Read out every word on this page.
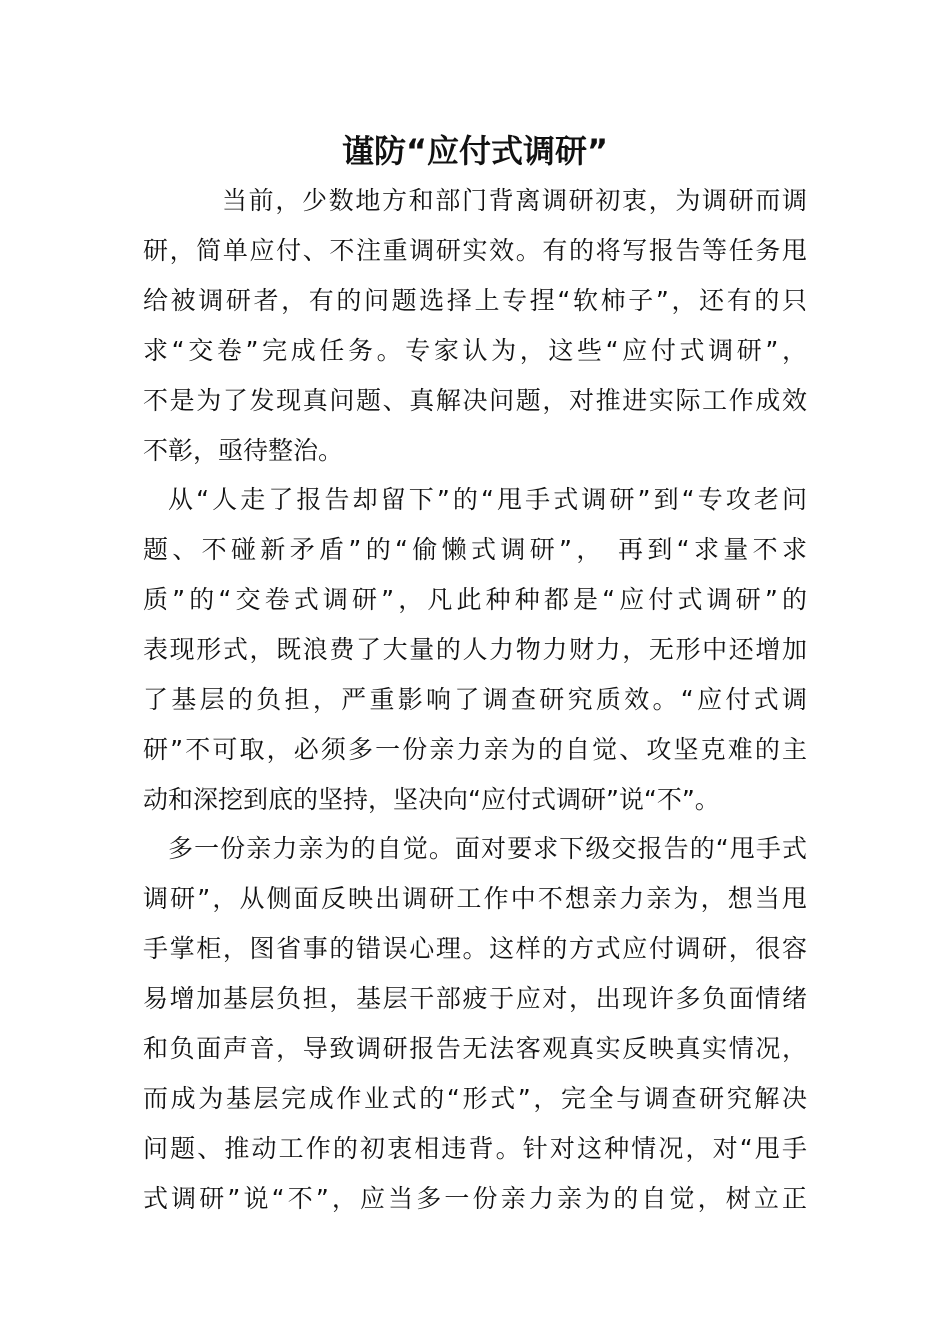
谨防“应付式调研”
当前，少数地方和部门背离调研初衷，为调研而调
研，简单应付、不注重调研实效。有的将写报告等任务甩
给被调研者，有的问题选择上专捏“软柿子”，还有的只
求“交卷”完成任务。专家认为，这些“应付式调研”，
不是为了发现真问题、真解决问题，对推进实际工作成效
不彰，亟待整治。
从“人走了报告却留下”的“甩手式调研”到“专攻老问
题、不碰新矛盾”的“偷懒式调研”， 再到“求量不求
质”的“交卷式调研”，凡此种种都是“应付式调研”的
表现形式，既浪费了大量的人力物力财力，无形中还增加
了基层的负担，严重影响了调查研究质效。“应付式调
研”不可取，必须多一份亲力亲为的自觉、攻坚克难的主
动和深挖到底的坚持，坚决向“应付式调研”说“不”。
多一份亲力亲为的自觉。面对要求下级交报告的“甩手式
调研”，从侧面反映出调研工作中不想亲力亲为，想当甩
手掌柜，图省事的错误心理。这样的方式应付调研，很容
易增加基层负担，基层干部疲于应对，出现许多负面情绪
和负面声音，导致调研报告无法客观真实反映真实情况，
而成为基层完成作业式的“形式”，完全与调查研究解决
问题、推动工作的初衷相违背。针对这种情况，对“甩手
式调研”说“不”，应当多一份亲力亲为的自觉，树立正
